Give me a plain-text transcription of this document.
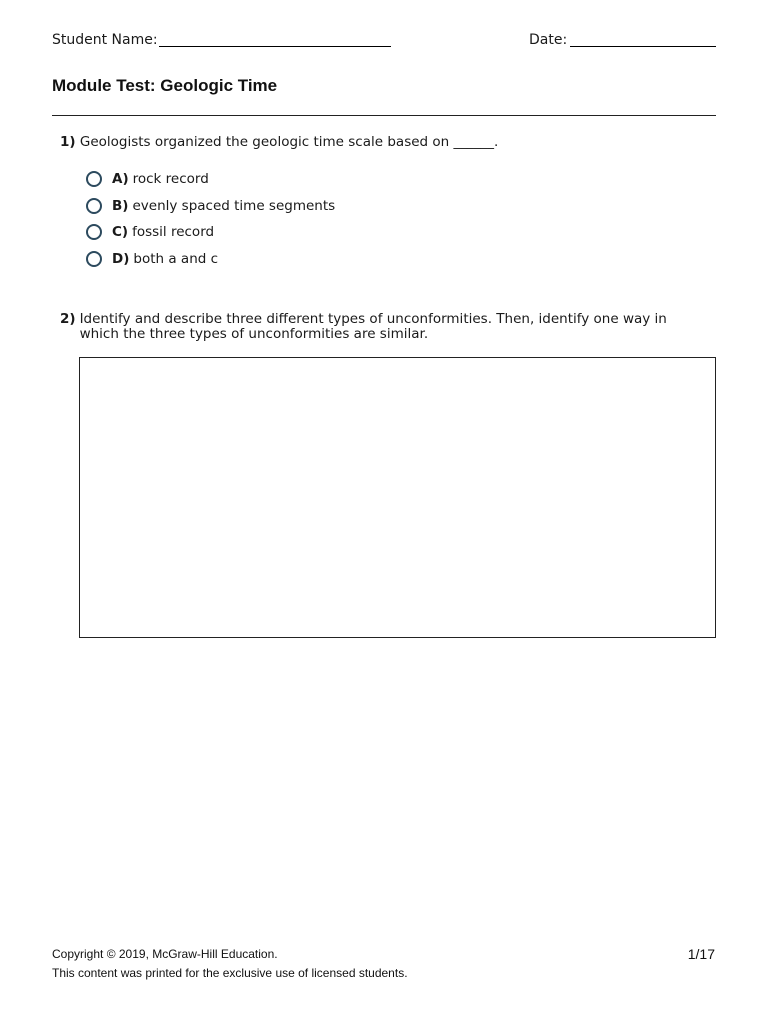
Student Name:	Date:
Module Test: Geologic Time
1) Geologists organized the geologic time scale based on ______.
A) rock record
B) evenly spaced time segments
C) fossil record
D) both a and c
2) Identify and describe three different types of unconformities. Then, identify one way in which the three types of unconformities are similar.
Copyright © 2019, McGraw-Hill Education.
This content was printed for the exclusive use of licensed students.
1/17
